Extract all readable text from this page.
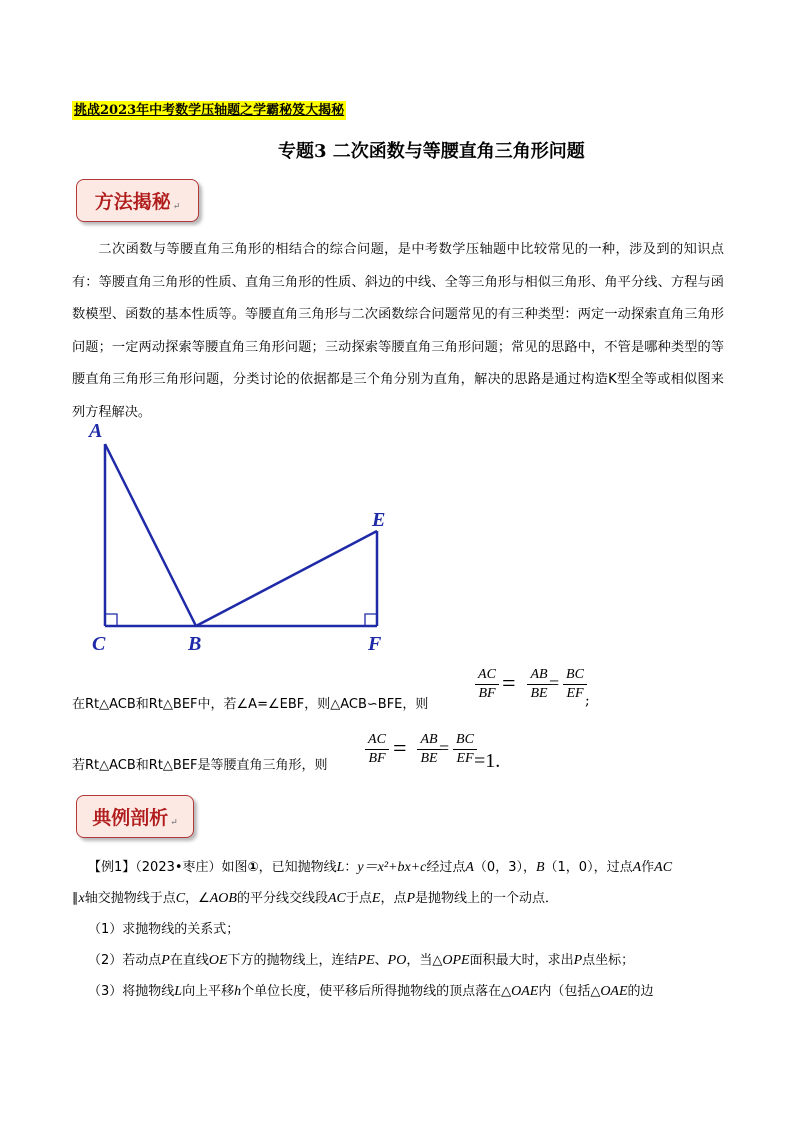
挑战2023年中考数学压轴题之学霸秘笈大揭秘
专题3 二次函数与等腰直角三角形问题
方法揭秘 ↵
二次函数与等腰直角三角形的相结合的综合问题，是中考数学压轴题中比较常见的一种，涉及到的知识点有：等腰直角三角形的性质、直角三角形的性质、斜边的中线、全等三角形与相似三角形、角平分线、方程与函数模型、函数的基本性质等。等腰直角三角形与二次函数综合问题常见的有三种类型：两定一动探索直角三角形问题；一定两动探索等腰直角三角形问题；三动探索等腰直角三角形问题；常见的思路中，不管是哪种类型的等腰直角三角形三角形问题，分类讨论的依据都是三个角分别为直角，解决的思路是通过构造K型全等或相似图来列方程解决。
A
C	B
E
F
在Rt△ACB和Rt△BEF中，若∠A=∠EBF，则△ACB∽BFE，则
AC
BF = AB
BE
= BC
EF ;
若Rt△ACB和Rt△BEF是等腰直角三角形，则
AC
BF = AB
BE
= BC
EF =1.
典例剖析 ↵
【例1】（2023•枣庄）如图①，已知抛物线L：y＝x²+bx+c经过点A（0，3），B（1，0），过点A作AC
∥x轴交抛物线于点C，∠AOB的平分线交线段AC于点E，点P是抛物线上的一个动点．
（1）求抛物线的关系式；
（2）若动点P在直线OE下方的抛物线上，连结PE、PO，当△OPE面积最大时，求出P点坐标；
（3）将抛物线L向上平移h个单位长度，使平移后所得抛物线的顶点落在△OAE内（包括△OAE的边
